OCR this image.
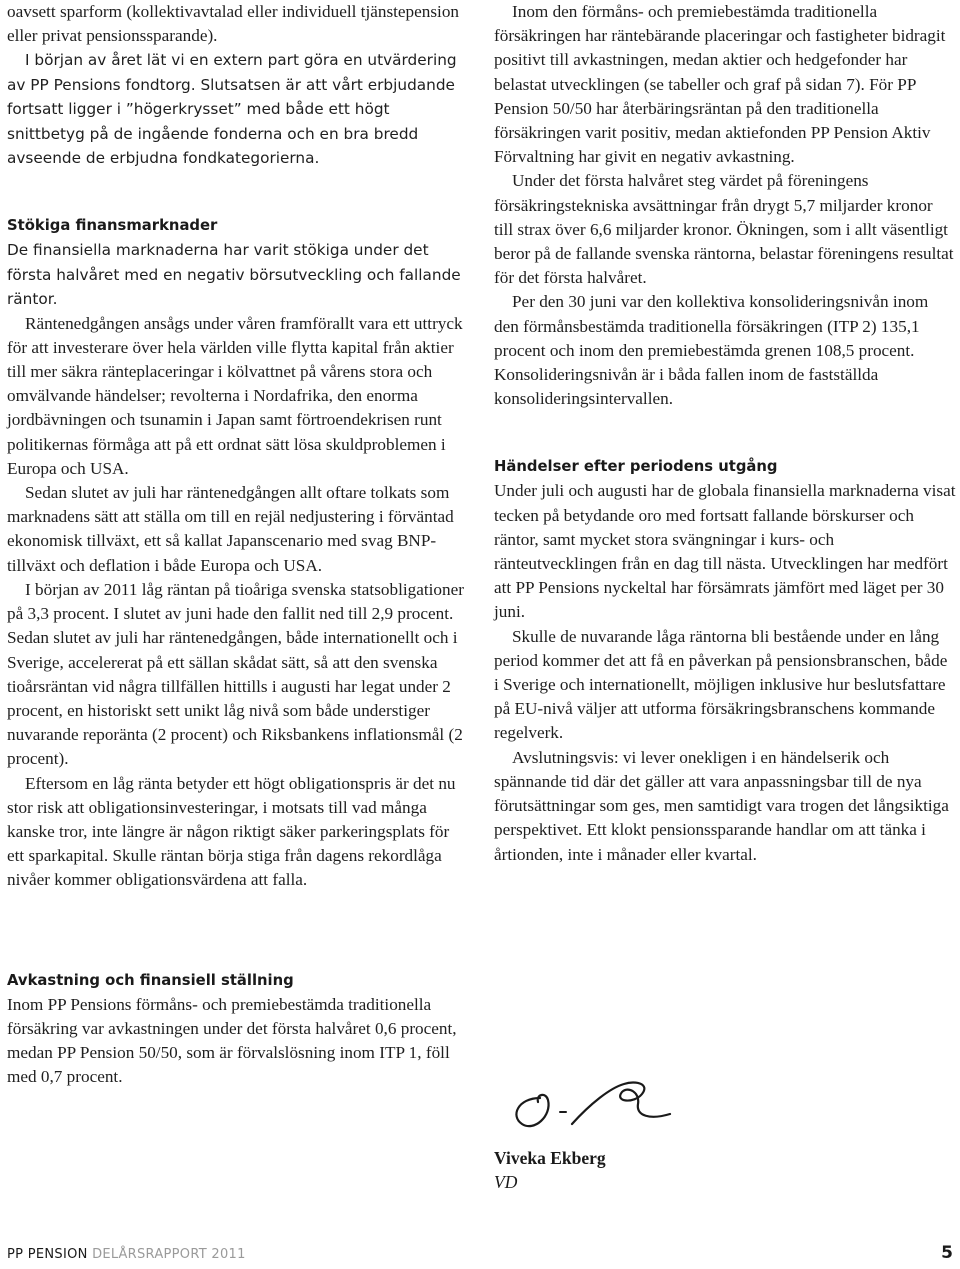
oavsett sparform (kollektivavtalad eller individuell tjänstepension eller privat pensionssparande).

I början av året lät vi en extern part göra en utvärdering av PP Pensions fondtorg. Slutsatsen är att vårt erbjudande fortsatt ligger i ”högerkrysset” med både ett högt snittbetyg på de ingående fonderna och en bra bredd avseende de erbjudna fondkategorierna.

Stökiga finansmarknader

De finansiella marknaderna har varit stökiga under det första halvåret med en negativ börsutveckling och fallande räntor.

Räntenedgången ansågs under våren framförallt vara ett uttryck för att investerare över hela världen ville flytta kapital från aktier till mer säkra ränteplaceringar i kölvattnet på vårens stora och omvälvande händelser; revolterna i Nordafrika, den enorma jordbävningen och tsunamin i Japan samt förtroendekrisen runt politikernas förmåga att på ett ordnat sätt lösa skuldproblemen i Europa och USA.

Sedan slutet av juli har räntenedgången allt oftare tolkats som marknadens sätt att ställa om till en rejäl nedjustering i förväntad ekonomisk tillväxt, ett så kallat Japanscenario med svag BNP-tillväxt och deflation i både Europa och USA.

I början av 2011 låg räntan på tioåriga svenska statsobligationer på 3,3 procent. I slutet av juni hade den fallit ned till 2,9 procent. Sedan slutet av juli har räntenedgången, både internationellt och i Sverige, accelererat på ett sällan skådat sätt, så att den svenska tioårsräntan vid några tillfällen hittills i augusti har legat under 2 procent, en historiskt sett unikt låg nivå som både understiger nuvarande reporänta (2 procent) och Riksbankens inflationsmål (2 procent).

Eftersom en låg ränta betyder ett högt obligationspris är det nu stor risk att obligationsinvesteringar, i motsats till vad många kanske tror, inte längre är någon riktigt säker parkeringsplats för ett sparkapital. Skulle räntan börja stiga från dagens rekordlåga nivåer kommer obligationsvärdena att falla.

Avkastning och finansiell ställning

Inom PP Pensions förmåns- och premiebestämda traditionella försäkring var avkastningen under det första halvåret 0,6 procent, medan PP Pension 50/50, som är förvalslösning inom ITP 1, föll med 0,7 procent.

Inom den förmåns- och premiebestämda traditionella försäkringen har räntebärande placeringar och fastigheter bidragit positivt till avkastningen, medan aktier och hedgefonder har belastat utvecklingen (se tabeller och graf på sidan 7). För PP Pension 50/50 har återbäringsräntan på den traditionella försäkringen varit positiv, medan aktiefonden PP Pension Aktiv Förvaltning har givit en negativ avkastning.

Under det första halvåret steg värdet på föreningens försäkringstekniska avsättningar från drygt 5,7 miljarder kronor till strax över 6,6 miljarder kronor. Ökningen, som i allt väsentligt beror på de fallande svenska räntorna, belastar föreningens resultat för det första halvåret.

Per den 30 juni var den kollektiva konsolideringsnivån inom den förmånsbestämda traditionella försäkringen (ITP 2) 135,1 procent och inom den premiebestämda grenen 108,5 procent. Konsolideringsnivån är i båda fallen inom de fastställda konsolideringsintervallen.

Händelser efter periodens utgång

Under juli och augusti har de globala finansiella marknaderna visat tecken på betydande oro med fortsatt fallande börskurser och räntor, samt mycket stora svängningar i kurs- och ränteutvecklingen från en dag till nästa. Utvecklingen har medfört att PP Pensions nyckeltal har försämrats jämfört med läget per 30 juni.

Skulle de nuvarande låga räntorna bli bestående under en lång period kommer det att få en påverkan på pensionsbranschen, både i Sverige och internationellt, möjligen inklusive hur beslutsfattare på EU-nivå väljer att utforma försäkringsbranschens kommande regelverk.

Avslutningsvis: vi lever onekligen i en händelserik och spännande tid där det gäller att vara anpassningsbar till de nya förutsättningar som ges, men samtidigt vara trogen det långsiktiga perspektivet. Ett klokt pensionssparande handlar om att tänka i årtionden, inte i månader eller kvartal.

Viveka Ekberg
VD
PP PENSION DELÅRSRAPPORT 2011	5
